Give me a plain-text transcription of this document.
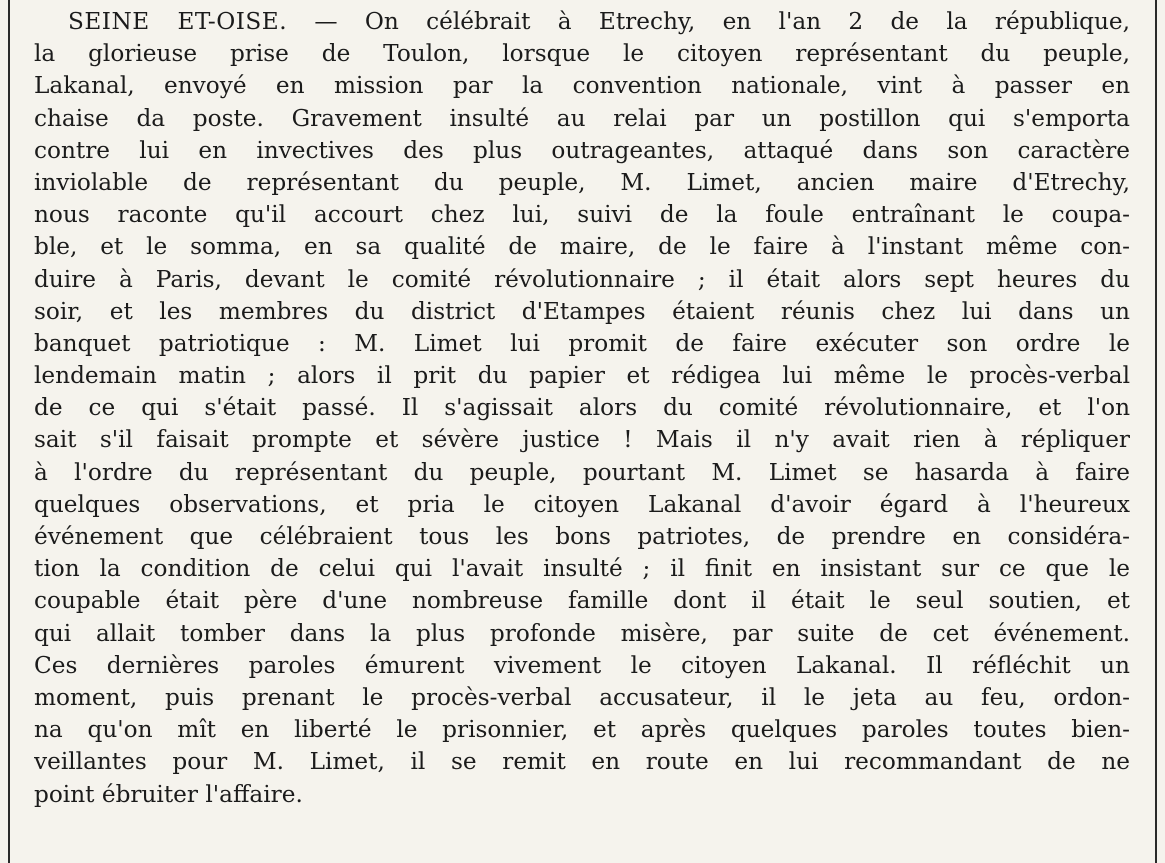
SEINE ET-OISE. — On célébrait à Etrechy, en l'an 2 de la république,
la glorieuse prise de Toulon, lorsque le citoyen représentant du peuple,
Lakanal, envoyé en mission par la convention nationale, vint à passer en
chaise da poste. Gravement insulté au relai par un postillon qui s'emporta
contre lui en invectives des plus outrageantes, attaqué dans son caractère
inviolable de représentant du peuple, M. Limet, ancien maire d'Etrechy,
nous raconte qu'il accourt chez lui, suivi de la foule entraînant le coupa-
ble, et le somma, en sa qualité de maire, de le faire à l'instant même con-
duire à Paris, devant le comité révolutionnaire ; il était alors sept heures du
soir, et les membres du district d'Etampes étaient réunis chez lui dans un
banquet patriotique : M. Limet lui promit de faire exécuter son ordre le
lendemain matin ; alors il prit du papier et rédigea lui même le procès-verbal
de ce qui s'était passé. Il s'agissait alors du comité révolutionnaire, et l'on
sait s'il faisait prompte et sévère justice ! Mais il n'y avait rien à répliquer
à l'ordre du représentant du peuple, pourtant M. Limet se hasarda à faire
quelques observations, et pria le citoyen Lakanal d'avoir égard à l'heureux
événement que célébraient tous les bons patriotes, de prendre en considéra-
tion la condition de celui qui l'avait insulté ; il finit en insistant sur ce que le
coupable était père d'une nombreuse famille dont il était le seul soutien, et
qui allait tomber dans la plus profonde misère, par suite de cet événement.
Ces dernières paroles émurent vivement le citoyen Lakanal. Il réfléchit un
moment, puis prenant le procès-verbal accusateur, il le jeta au feu, ordon-
na qu'on mît en liberté le prisonnier, et après quelques paroles toutes bien-
veillantes pour M. Limet, il se remit en route en lui recommandant de ne
point ébruiter l'affaire.
